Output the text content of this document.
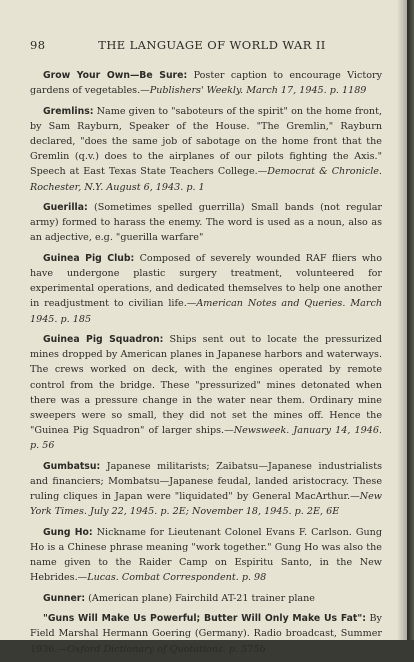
98	THE LANGUAGE OF WORLD WAR II

Grow Your Own—Be Sure: Poster caption to encourage Victory gardens of vegetables.—Publishers' Weekly. March 17, 1945. p. 1189

Gremlins: Name given to "saboteurs of the spirit" on the home front, by Sam Rayburn, Speaker of the House. "The Gremlin," Rayburn declared, "does the same job of sabotage on the home front that the Gremlin (q.v.) does to the airplanes of our pilots fighting the Axis." Speech at East Texas State Teachers College.—Democrat & Chronicle. Rochester, N.Y. August 6, 1943. p. 1

Guerilla: (Sometimes spelled guerrilla) Small bands (not regular army) formed to harass the enemy. The word is used as a noun, also as an adjective, e.g. "guerilla warfare"

Guinea Pig Club: Composed of severely wounded RAF fliers who have undergone plastic surgery treatment, volunteered for experimental operations, and dedicated themselves to help one another in readjustment to civilian life.—American Notes and Queries. March 1945. p. 185

Guinea Pig Squadron: Ships sent out to locate the pressurized mines dropped by American planes in Japanese harbors and waterways. The crews worked on deck, with the engines operated by remote control from the bridge. These "pressurized" mines detonated when there was a pressure change in the water near them. Ordinary mine sweepers were so small, they did not set the mines off. Hence the "Guinea Pig Squadron" of larger ships.—Newsweek. January 14, 1946. p. 56

Gumbatsu: Japanese militarists; Zaibatsu—Japanese industrialists and financiers; Mombatsu—Japanese feudal, landed aristocracy. These ruling cliques in Japan were "liquidated" by General MacArthur.—New York Times. July 22, 1945. p. 2E; November 18, 1945. p. 2E, 6E

Gung Ho: Nickname for Lieutenant Colonel Evans F. Carlson. Gung Ho is a Chinese phrase meaning "work together." Gung Ho was also the name given to the Raider Camp on Espiritu Santo, in the New Hebrides.—Lucas. Combat Correspondent. p. 98

Gunner: (American plane) Fairchild AT-21 trainer plane

"Guns Will Make Us Powerful; Butter Will Only Make Us Fat": By Field Marshal Hermann Goering (Germany). Radio broadcast, Summer 1936.—Oxford Dictionary of Quotations. p. 575b
